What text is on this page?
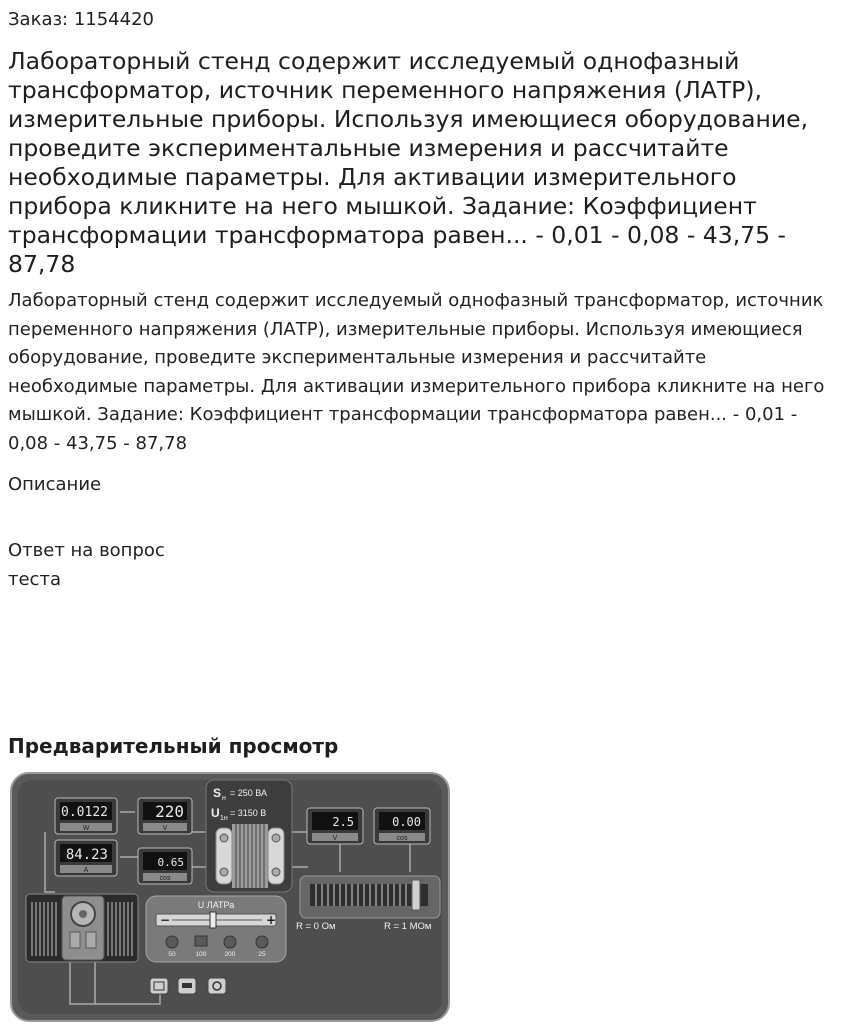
Заказ: 1154420
Лабораторный стенд содержит исследуемый однофазный трансформатор, источник переменного напряжения (ЛАТР), измерительные приборы. Используя имеющиеся оборудование, проведите экспериментальные измерения и рассчитайте необходимые параметры. Для активации измерительного прибора кликните на него мышкой. Задание: Коэффициент трансформации трансформатора равен... - 0,01 - 0,08 - 43,75 - 87,78

Лабораторный стенд содержит исследуемый однофазный трансформатор, источник переменного напряжения (ЛАТР), измерительные приборы. Используя имеющиеся оборудование, проведите экспериментальные измерения и рассчитайте необходимые параметры. Для активации измерительного прибора кликните на него мышкой. Задание: Коэффициент трансформации трансформатора равен... - 0,01 - 0,08 - 43,75 - 87,78

Описание
Ответ на вопрос теста
Предварительный просмотр
0.0122
W
220
V
84.23
A
0.65
cos
S н
= 250 ВА
U 1н
= 3150 В
2.5
V
0.00
cos
R = 0 Ом	R = 1 МОм
U ЛАТРа
−	+
50	100	200	25
